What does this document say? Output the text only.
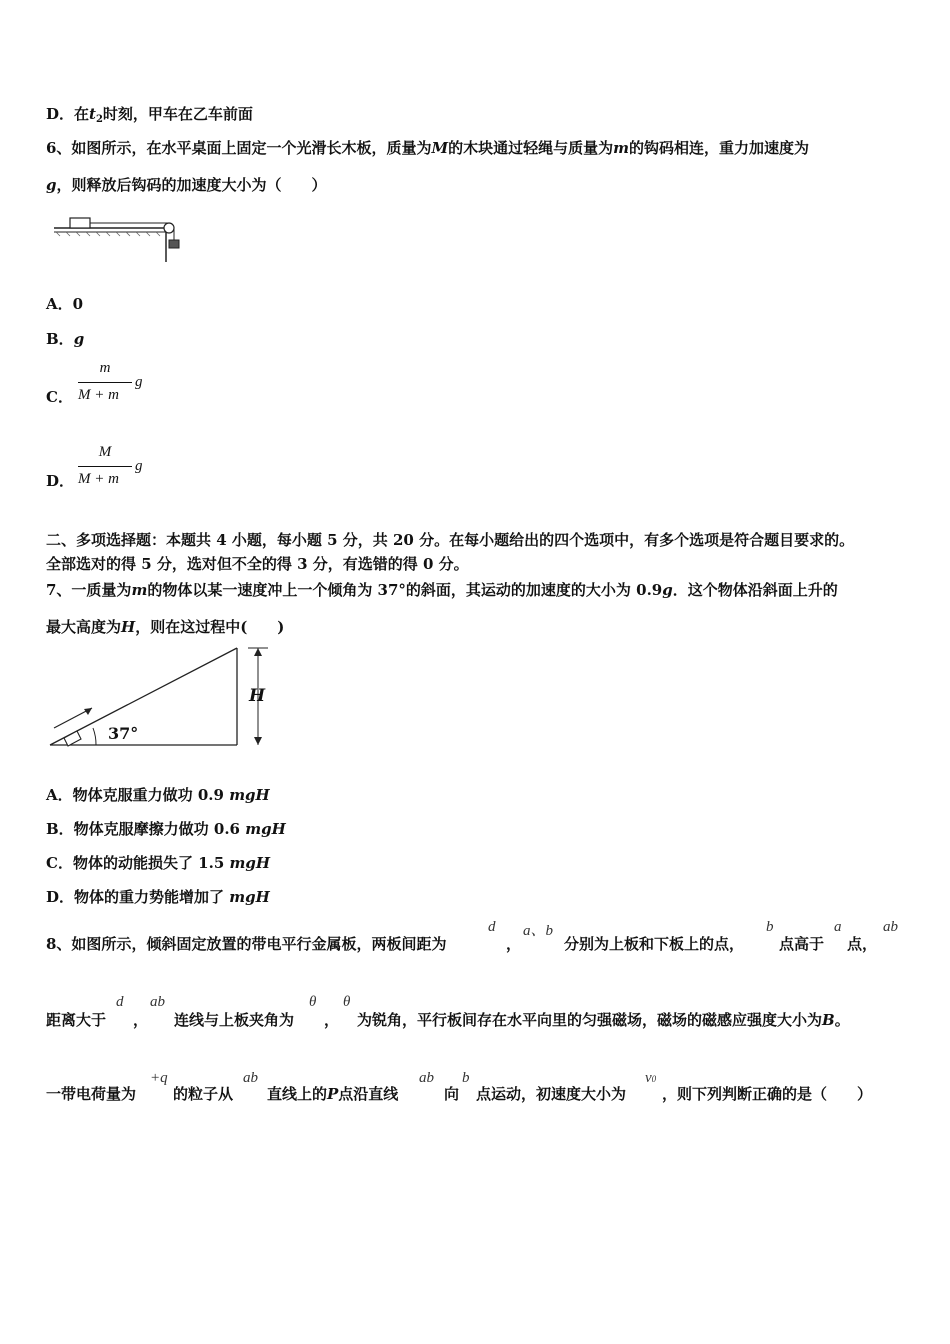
D．在$t_2$时刻，甲车在乙车前面
6、如图所示，在水平桌面上固定一个光滑长木板，质量为M的木块通过轻绳与质量为m的钩码相连，重力加速度为
g，则释放后钩码的加速度大小为（　　）
A．0
B．g
C．
m
M + m
g
D．
M
M + m
g
二、多项选择题：本题共 4 小题，每小题 5 分，共 20 分。在每小题给出的四个选项中，有多个选项是符合题目要求的。
全部选对的得 5 分，选对但不全的得 3 分，有选错的得 0 分。
7、一质量为m的物体以某一速度冲上一个倾角为 37°的斜面，其运动的加速度的大小为 0.9g．这个物体沿斜面上升的
最大高度为H，则在这过程中(　　)
37°
H
A．物体克服重力做功 0.9 mgH
B．物体克服摩擦力做功 0.6 mgH
C．物体的动能损失了 1.5 mgH
D．物体的重力势能增加了 mgH
8、如图所示，倾斜固定放置的带电平行金属板，两板间距为
d
，
a、b
分别为上板和下板上的点，
b
点高于
a
点，
ab
距离大于
d
，
ab
连线与上板夹角为
θ
，
θ
为锐角，平行板间存在水平向里的匀强磁场，磁场的磁感应强度大小为B。
一带电荷量为
+q
的粒子从
ab
直线上的P点沿直线
ab
向
b
点运动，初速度大小为
v0
，则下列判断正确的是（　　）
